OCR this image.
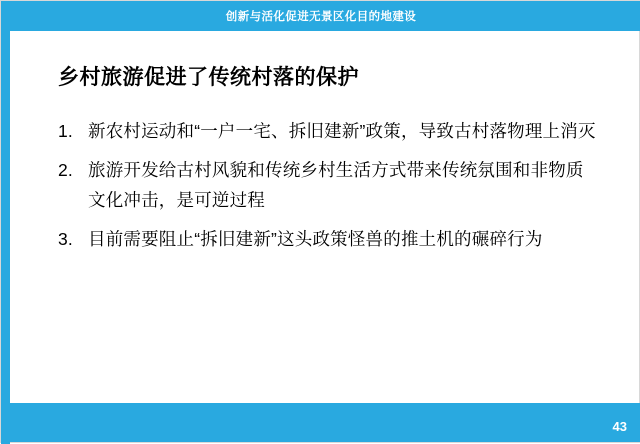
创新与活化促进无景区化目的地建设
乡村旅游促进了传统村落的保护
1. 新农村运动和“一户一宅、拆旧建新”政策，导致古村落物理上消灭
2. 旅游开发给古村风貌和传统乡村生活方式带来传统氛围和非物质文化冲击，是可逆过程
3. 目前需要阻止“拆旧建新”这头政策怪兽的推土机的碾碎行为
43
